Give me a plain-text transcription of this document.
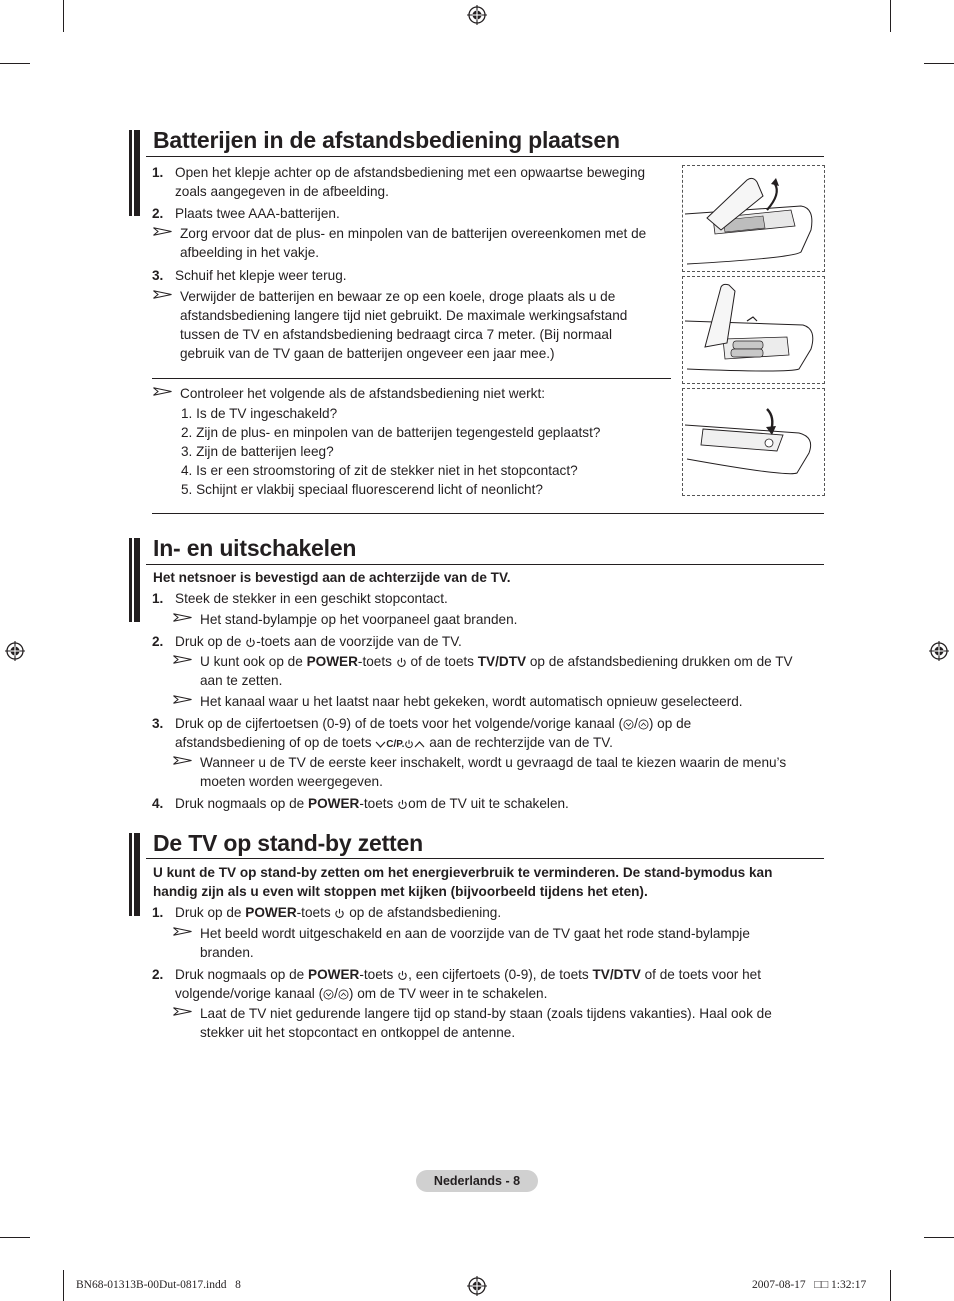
Batterijen in de afstandsbediening plaatsen
1. Open het klepje achter op de afstandsbediening met een opwaartse beweging
zoals aangegeven in de afbeelding.
2. Plaats twee AAA-batterijen.
Zorg ervoor dat de plus- en minpolen van de batterijen overeenkomen met de
afbeelding in het vakje.
3. Schuif het klepje weer terug.
Verwijder de batterijen en bewaar ze op een koele, droge plaats als u de
afstandsbediening langere tijd niet gebruikt. De maximale werkingsafstand
tussen de TV en afstandsbediening bedraagt circa 7 meter. (Bij normaal
gebruik van de TV gaan de batterijen ongeveer een jaar mee.)
Controleer het volgende als de afstandsbediening niet werkt:
1. Is de TV ingeschakeld?
2. Zijn de plus- en minpolen van de batterijen tegengesteld geplaatst?
3. Zijn de batterijen leeg?
4. Is er een stroomstoring of zit de stekker niet in het stopcontact?
5. Schijnt er vlakbij speciaal fluorescerend licht of neonlicht?
In- en uitschakelen
Het netsnoer is bevestigd aan de achterzijde van de TV.
1. Steek de stekker in een geschikt stopcontact.
Het stand-bylampje op het voorpaneel gaat branden.
2. Druk op de -toets aan de voorzijde van de TV.
U kunt ook op de POWER-toets  of de toets TV/DTV op de afstandsbediening drukken om de TV
aan te zetten.
Het kanaal waar u het laatst naar hebt gekeken, wordt automatisch opnieuw geselecteerd.
3. Druk op de cijfertoetsen (0-9) of de toets voor het volgende/vorige kanaal ( / ) op de
afstandsbediening of op de toets C/P. aan de rechterzijde van de TV.
Wanneer u de TV de eerste keer inschakelt, wordt u gevraagd de taal te kiezen waarin de menu’s
moeten worden weergegeven.
4. Druk nogmaals op de POWER-toets om de TV uit te schakelen.
De TV op stand-by zetten
U kunt de TV op stand-by zetten om het energieverbruik te verminderen. De stand-bymodus kan
handig zijn als u even wilt stoppen met kijken (bijvoorbeeld tijdens het eten).
1. Druk op de POWER-toets  op de afstandsbediening.
Het beeld wordt uitgeschakeld en aan de voorzijde van de TV gaat het rode stand-bylampje
branden.
2. Druk nogmaals op de POWER-toets , een cijfertoets (0-9), de toets TV/DTV of de toets voor het
volgende/vorige kanaal ( / ) om de TV weer in te schakelen.
Laat de TV niet gedurende langere tijd op stand-by staan (zoals tijdens vakanties). Haal ook de
stekker uit het stopcontact en ontkoppel de antenne.
Nederlands - 8
BN68-01313B-00Dut-0817.indd   8	2007-08-17   □□ 1:32:17
